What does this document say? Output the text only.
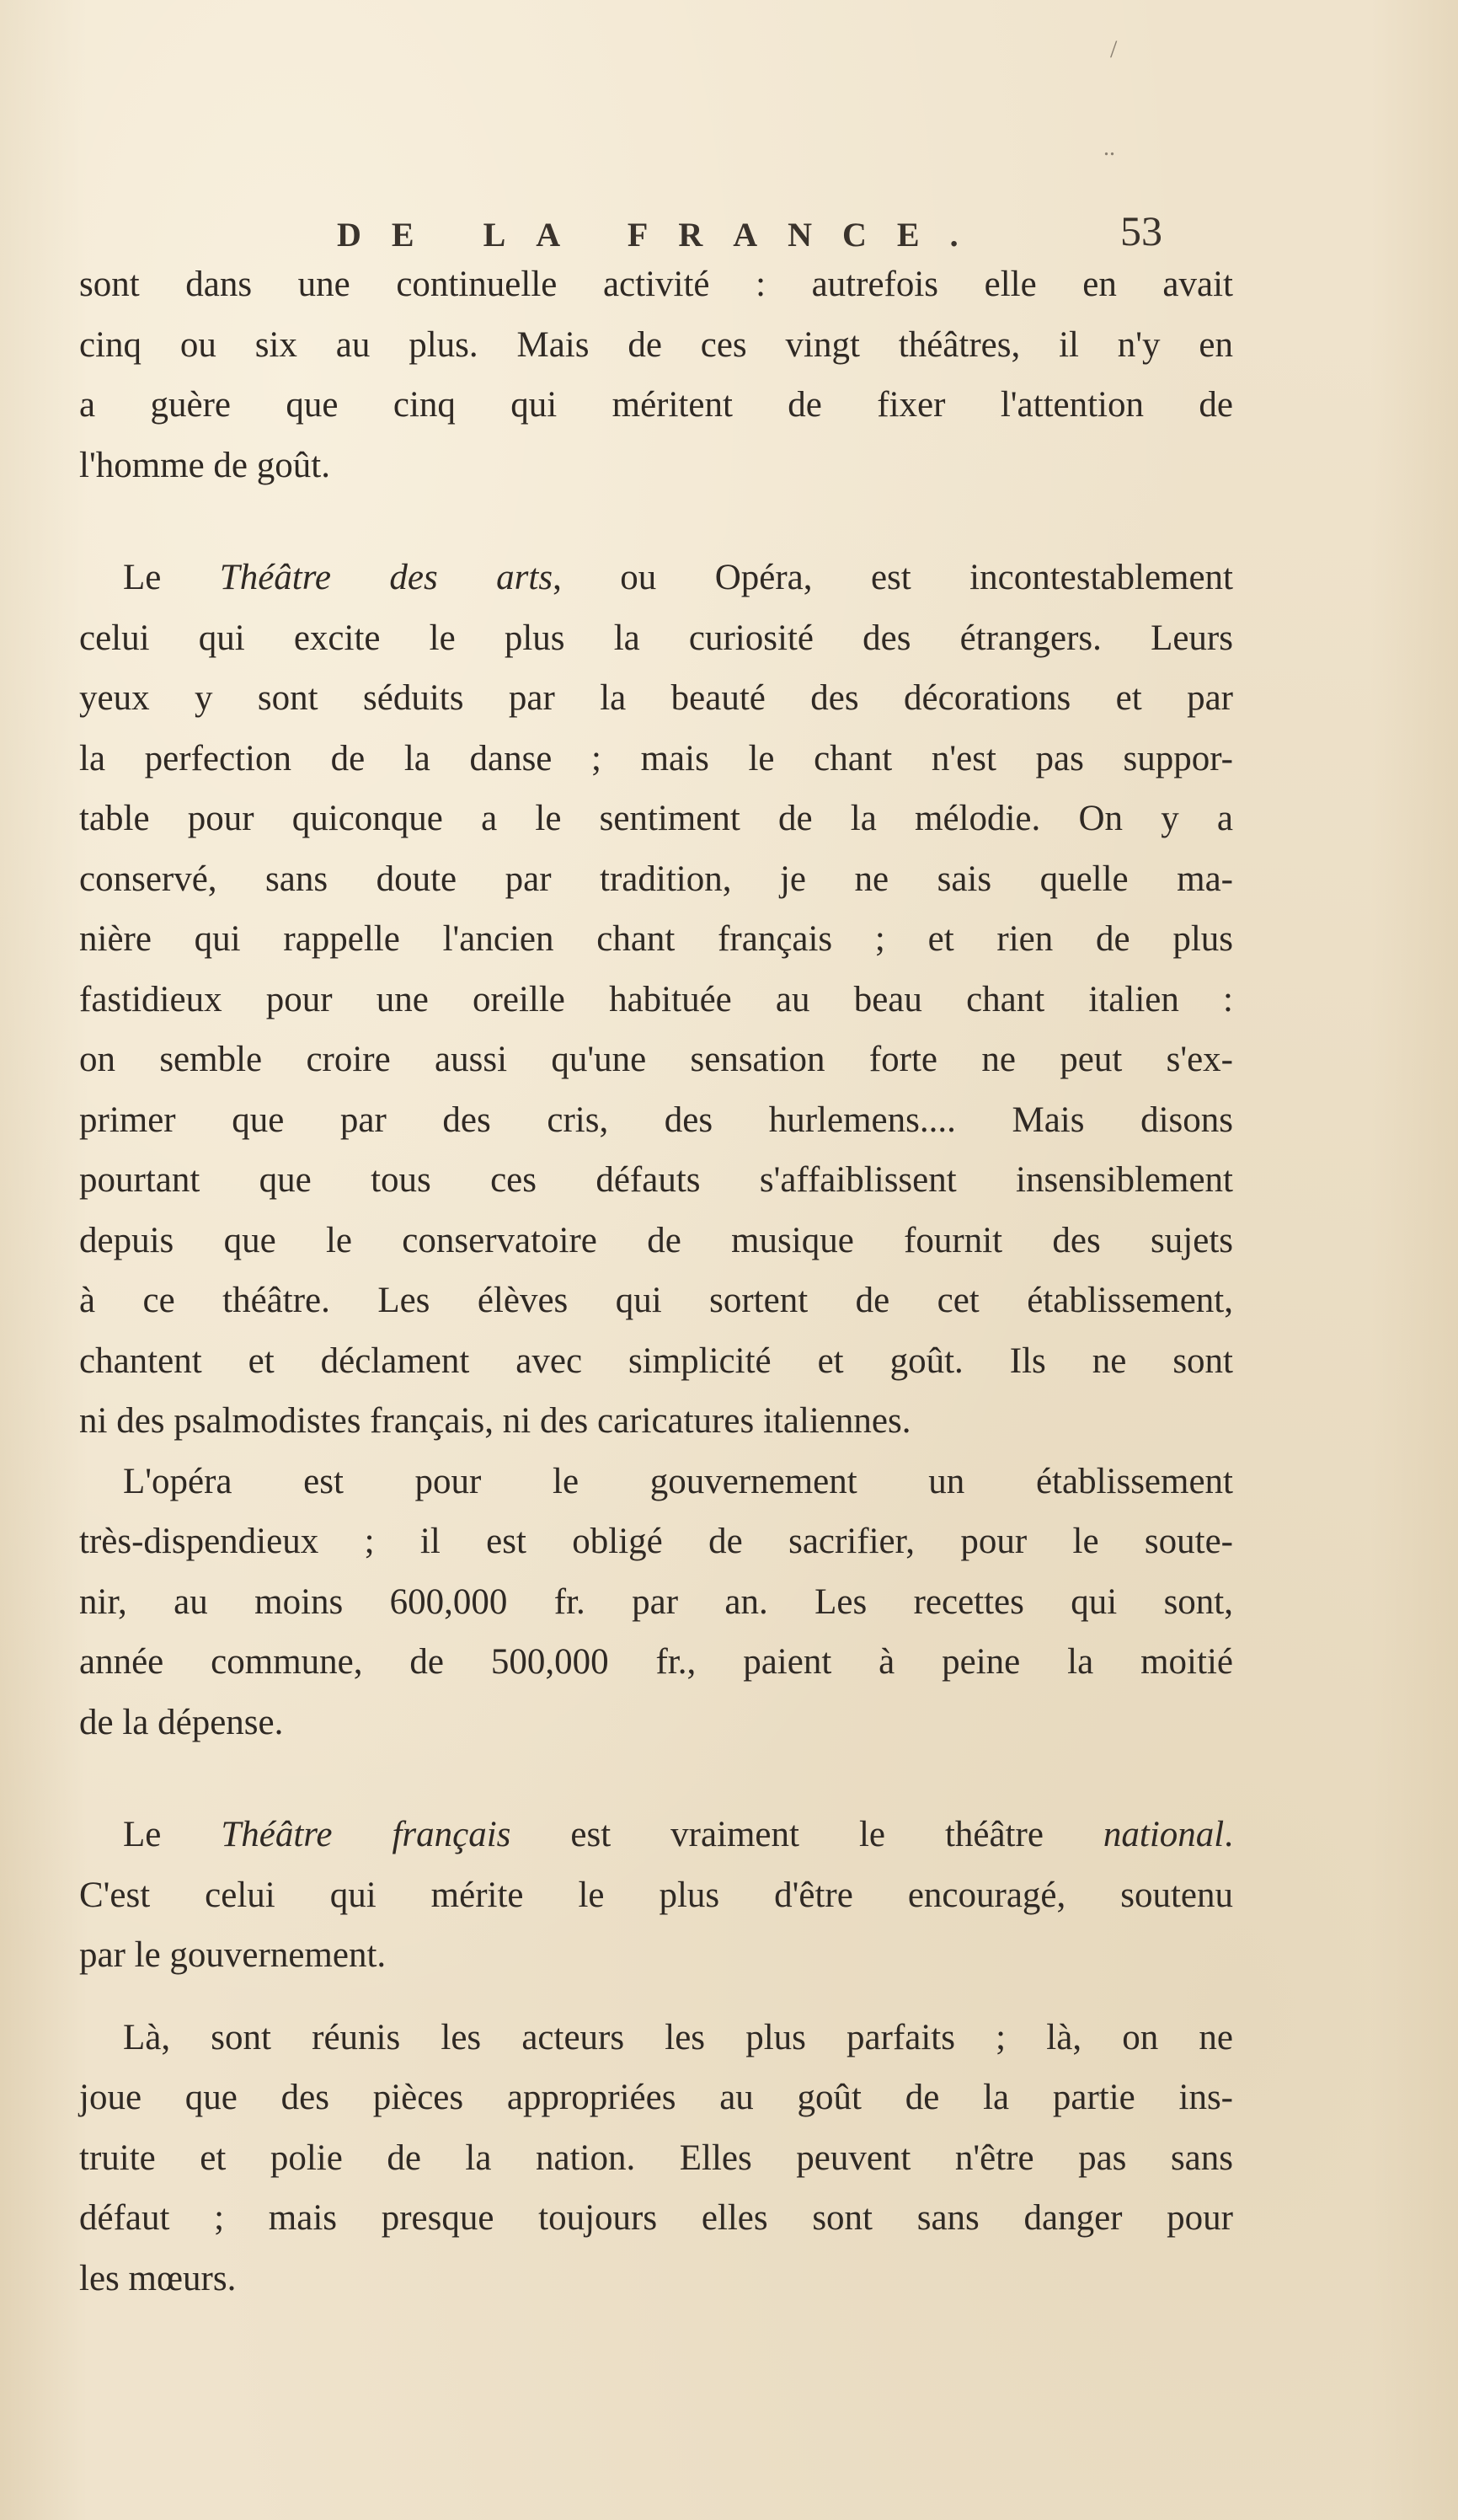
/
..
DE LA FRANCE.	53
sont dans une continuelle activité : autrefois elle en avait
cinq ou six au plus. Mais de ces vingt théâtres, il n'y en
a guère que cinq qui méritent de fixer l'attention de
l'homme de goût.
Le Théâtre des arts, ou Opéra, est incontestablement
celui qui excite le plus la curiosité des étrangers. Leurs
yeux y sont séduits par la beauté des décorations et par
la perfection de la danse ; mais le chant n'est pas suppor-
table pour quiconque a le sentiment de la mélodie. On y a
conservé, sans doute par tradition, je ne sais quelle ma-
nière qui rappelle l'ancien chant français ; et rien de plus
fastidieux pour une oreille habituée au beau chant italien :
on semble croire aussi qu'une sensation forte ne peut s'ex-
primer que par des cris, des hurlemens.... Mais disons
pourtant que tous ces défauts s'affaiblissent insensiblement
depuis que le conservatoire de musique fournit des sujets
à ce théâtre. Les élèves qui sortent de cet établissement,
chantent et déclament avec simplicité et goût. Ils ne sont
ni des psalmodistes français, ni des caricatures italiennes.
L'opéra est pour le gouvernement un établissement
très-dispendieux ; il est obligé de sacrifier, pour le soute-
nir, au moins 600,000 fr. par an. Les recettes qui sont,
année commune, de 500,000 fr., paient à peine la moitié
de la dépense.
Le Théâtre français est vraiment le théâtre national.
C'est celui qui mérite le plus d'être encouragé, soutenu
par le gouvernement.
Là, sont réunis les acteurs les plus parfaits ; là, on ne
joue que des pièces appropriées au goût de la partie ins-
truite et polie de la nation. Elles peuvent n'être pas sans
défaut ; mais presque toujours elles sont sans danger pour
les mœurs.
